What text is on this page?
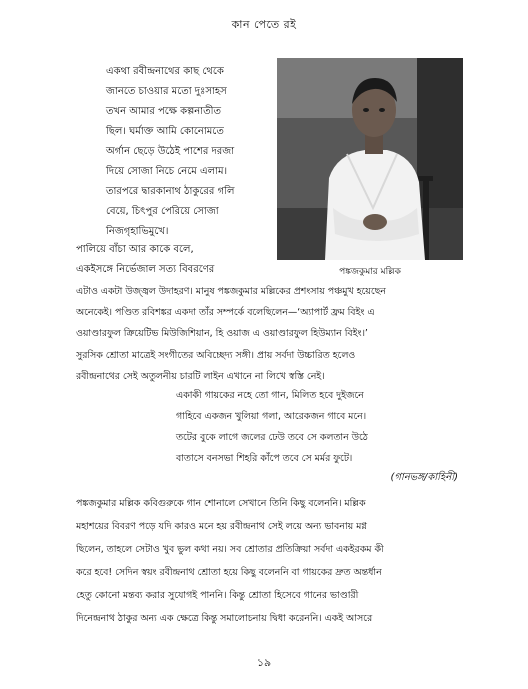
কান পেতে রই
পঙ্কজকুমার মল্লিক
একথা রবীন্দ্রনাথের কাছ থেকে
জানতে চাওয়ার মতো দুঃসাহস
তখন আমার পক্ষে কল্পনাতীত
ছিল। ঘর্মাক্ত আমি কোনোমতে
অর্গান ছেড়ে উঠেই পাশের দরজা
দিয়ে সোজা নিচে নেমে এলাম।
তারপরে দ্বারকানাথ ঠাকুরের গলি
বেয়ে, চিৎপুর পেরিয়ে সোজা
নিজগৃহাভিমুখে।
পালিয়ে বাঁচা আর কাকে বলে,
একইসঙ্গে নির্ভেজাল সত্য বিবরণের
এটাও একটা উজ্জ্বল উদাহরণ। মানুষ পঙ্কজকুমার মল্লিকের প্রশংসায় পঞ্চমুখ হয়েছেন
অনেকেই। পণ্ডিত রবিশঙ্কর একদা তাঁর সম্পর্কে বলেছিলেন—‘অ্যাপার্ট ফ্রম বিইং এ
ওয়াণ্ডারফুল ক্রিয়েটিভ মিউজিশিয়ান, হি ওয়াজ এ ওয়াণ্ডারফুল হিউম্যান বিইং।’
সুরসিক শ্রোতা মাত্রেই সংগীতের অবিচ্ছেদ্য সঙ্গী। প্রায় সর্বদা উচ্চারিত হলেও
রবীন্দ্রনাথের সেই অতুলনীয় চারটি লাইন এখানে না লিখে স্বস্তি নেই।
একাকী গায়কের নহে তো গান, মিলিত হবে দুইজনে
গাহিবে একজন খুলিয়া গলা, আরেকজন গাবে মনে।
তটের বুকে লাগে জলের ঢেউ তবে সে কলতান উঠে
বাতাসে বনসভা শিহরি কাঁপে তবে সে মর্মর ফুটে।
(গানভঙ্গ/কাহিনী)
পঙ্কজকুমার মল্লিক কবিগুরুকে গান শোনালে সেখানে তিনি কিছু বলেননি। মল্লিক
মহাশয়ের বিবরণ পড়ে যদি কারও মনে হয় রবীন্দ্রনাথ সেই লয়ে অন্য ভাবনায় মগ্ন
ছিলেন, তাহলে সেটাও খুব ভুল কথা নয়। সব শ্রোতার প্রতিক্রিয়া সর্বদা একইরকম কী
করে হবে! সেদিন স্বয়ং রবীন্দ্রনাথ শ্রোতা হয়ে কিছু বলেননি বা গায়কের দ্রুত অন্তর্ধান
হেতু কোনো মন্তব্য করার সুযোগই পাননি। কিন্তু শ্রোতা হিসেবে গানের ভাণ্ডারী
দিনেন্দ্রনাথ ঠাকুর অন্য এক ক্ষেত্রে কিন্তু সমালোচনায় দ্বিধা করেননি। একই আসরে
১৯
